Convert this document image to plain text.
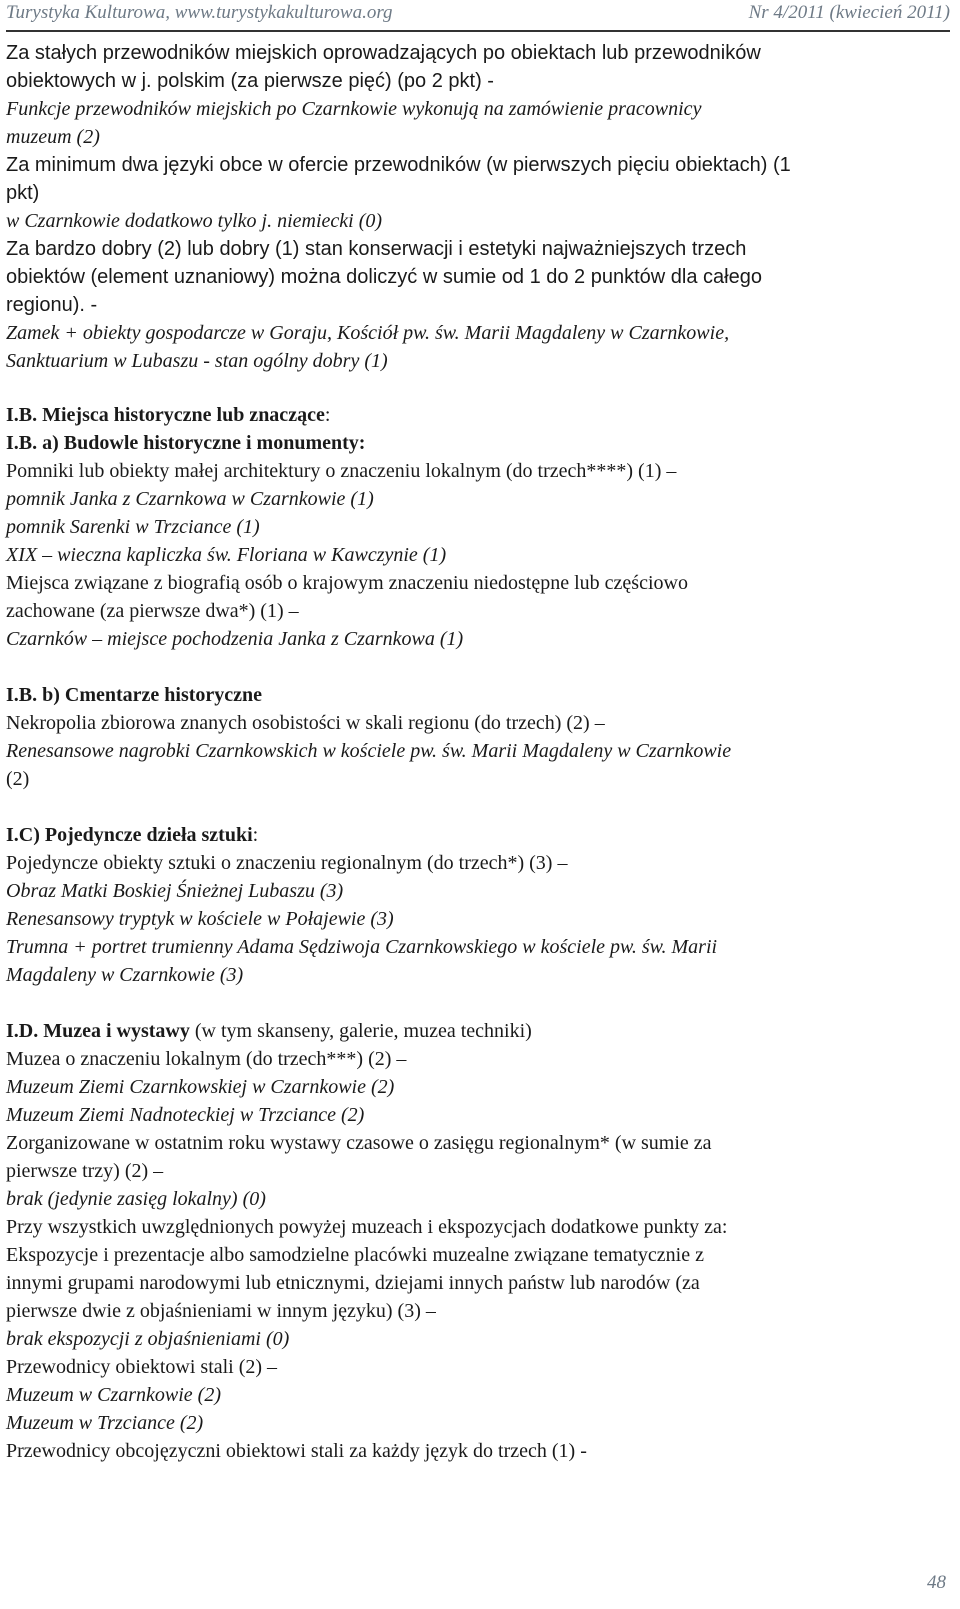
Turystyka Kulturowa, www.turystykakulturowa.org	Nr 4/2011 (kwiecień 2011)
Za stałych przewodników miejskich oprowadzających po obiektach lub przewodników
obiektowych w j. polskim (za pierwsze pięć) (po 2 pkt) -
Funkcje przewodników miejskich po Czarnkowie wykonują na zamówienie pracownicy
muzeum (2)
Za minimum dwa języki obce w ofercie przewodników (w pierwszych pięciu obiektach) (1
pkt)
w Czarnkowie dodatkowo tylko j. niemiecki (0)
Za bardzo dobry (2) lub dobry (1) stan konserwacji i estetyki najważniejszych trzech
obiektów (element uznaniowy) można doliczyć w sumie od 1 do 2 punktów dla całego
regionu). -
Zamek + obiekty gospodarcze w Goraju, Kościół pw. św. Marii Magdaleny w Czarnkowie,
Sanktuarium w Lubaszu - stan ogólny dobry (1)
I.B. Miejsca historyczne lub znaczące:
I.B. a) Budowle historyczne i monumenty:
Pomniki lub obiekty małej architektury o znaczeniu lokalnym (do trzech****) (1) –
pomnik Janka z Czarnkowa w Czarnkowie (1)
pomnik Sarenki w Trzciance (1)
XIX – wieczna kapliczka św. Floriana w Kawczynie (1)
Miejsca związane z biografią osób o krajowym znaczeniu niedostępne lub częściowo
zachowane (za pierwsze dwa*) (1) –
Czarnków – miejsce pochodzenia Janka z Czarnkowa (1)
I.B. b) Cmentarze historyczne
Nekropolia zbiorowa znanych osobistości w skali regionu (do trzech) (2) –
Renesansowe nagrobki Czarnkowskich w kościele pw. św. Marii Magdaleny w Czarnkowie
(2)
I.C) Pojedyncze dzieła sztuki:
Pojedyncze obiekty sztuki o znaczeniu regionalnym (do trzech*) (3) –
Obraz Matki Boskiej Śnieżnej Lubaszu (3)
Renesansowy tryptyk w kościele w Połajewie (3)
Trumna + portret trumienny Adama Sędziwoja Czarnkowskiego w kościele pw. św. Marii
Magdaleny w Czarnkowie (3)
I.D. Muzea i wystawy (w tym skanseny, galerie, muzea techniki)
Muzea o znaczeniu lokalnym (do trzech***) (2) –
Muzeum Ziemi Czarnkowskiej w Czarnkowie (2)
Muzeum Ziemi Nadnoteckiej w Trzciance (2)
Zorganizowane w ostatnim roku wystawy czasowe o zasięgu regionalnym* (w sumie za
pierwsze trzy) (2) –
brak (jedynie zasięg lokalny) (0)
Przy wszystkich uwzględnionych powyżej muzeach i ekspozycjach dodatkowe punkty za:
Ekspozycje i prezentacje albo samodzielne placówki muzealne związane tematycznie z
innymi grupami narodowymi lub etnicznymi, dziejami innych państw lub narodów (za
pierwsze dwie z objaśnieniami w innym języku) (3) –
brak ekspozycji z objaśnieniami (0)
Przewodnicy obiektowi stali (2) –
Muzeum w Czarnkowie (2)
Muzeum w Trzciance (2)
Przewodnicy obcojęzyczni obiektowi stali za każdy język do trzech (1) -
48
